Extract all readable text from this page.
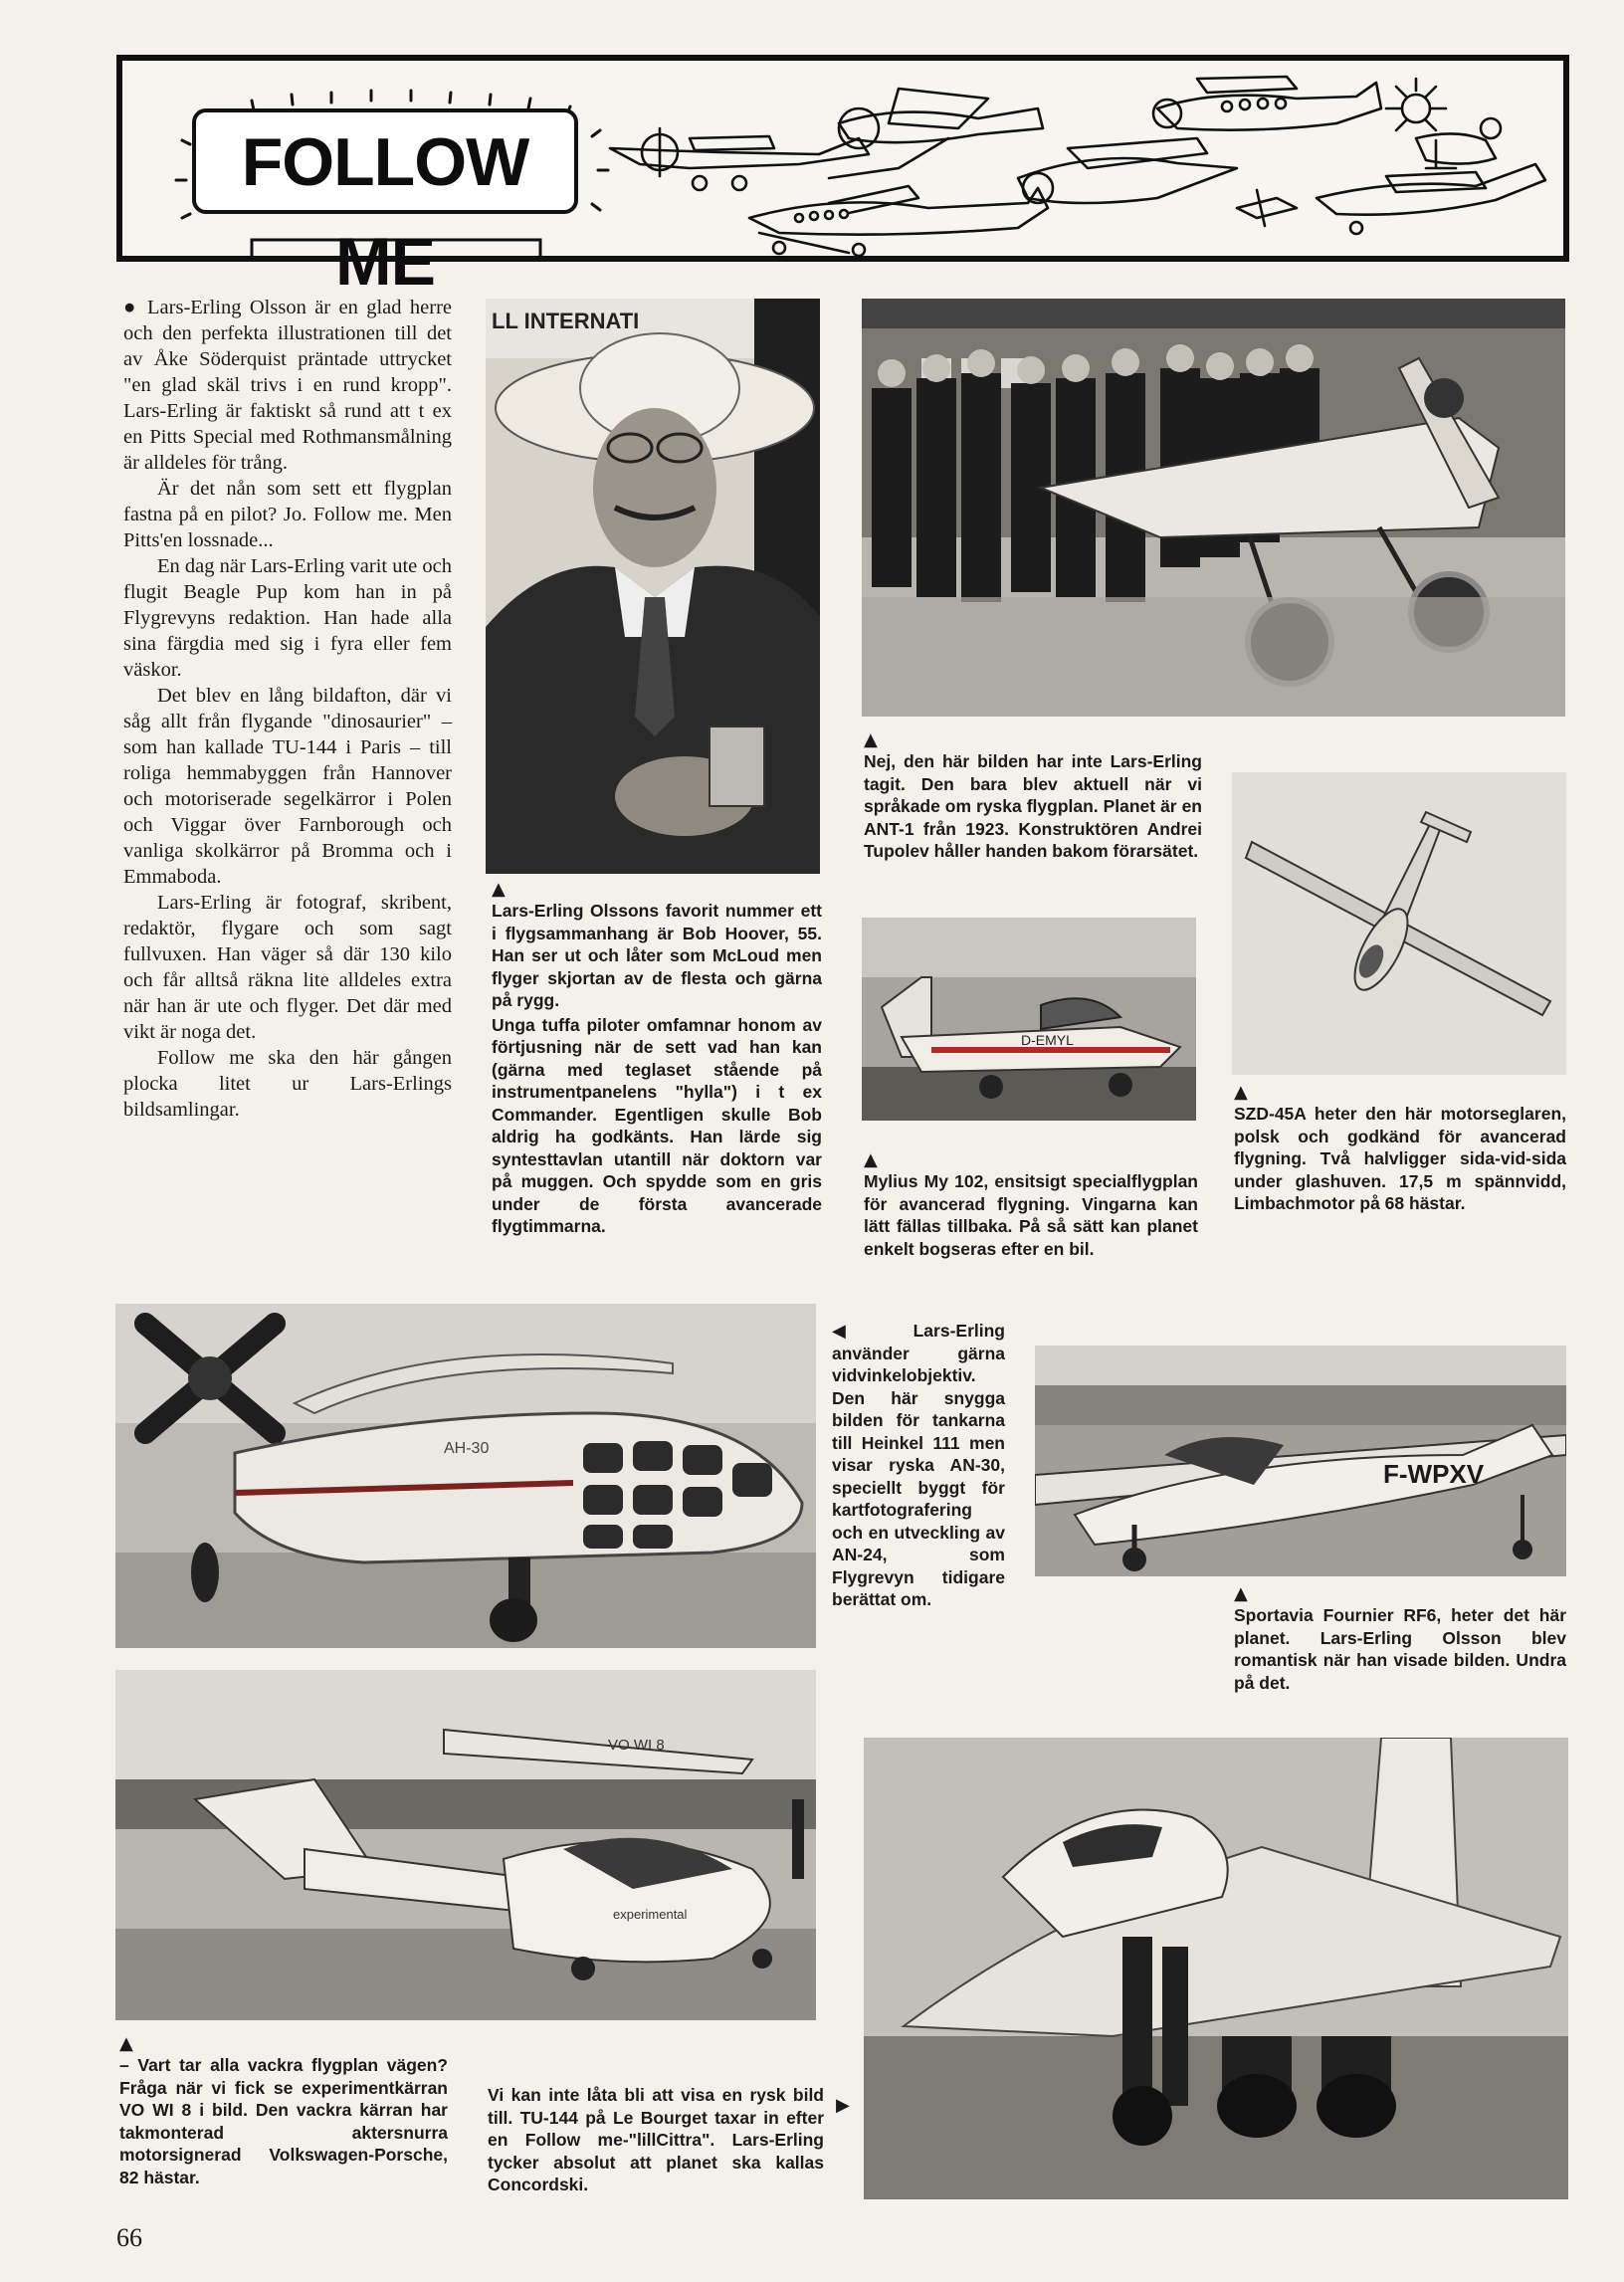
FOLLOW ME

● Lars-Erling Olsson är en glad herre och den perfekta illustrationen till det av Åke Söderquist präntade uttrycket "en glad skäl trivs i en rund kropp". Lars-Erling är faktiskt så rund att t ex en Pitts Special med Rothmansmålning är alldeles för trång.

Är det nån som sett ett flygplan fastna på en pilot? Jo. Follow me. Men Pitts'en lossnade...

En dag när Lars-Erling varit ute och flugit Beagle Pup kom han in på Flygrevyns redaktion. Han hade alla sina färgdia med sig i fyra eller fem väskor.

Det blev en lång bildafton, där vi såg allt från flygande "dinosaurier" – som han kallade TU-144 i Paris – till roliga hemmabyggen från Hannover och motoriserade segelkärror i Polen och Viggar över Farnborough och vanliga skolkärror på Bromma och i Emmaboda.

Lars-Erling är fotograf, skribent, redaktör, flygare och som sagt fullvuxen. Han väger så där 130 kilo och får alltså räkna lite alldeles extra när han är ute och flyger. Det där med vikt är noga det.

Follow me ska den här gången plocka litet ur Lars-Erlings bildsamlingar.

LL INTERNATI
▲

Lars-Erling Olssons favorit nummer ett i flygsammanhang är Bob Hoover, 55. Han ser ut och låter som McLoud men flyger skjortan av de flesta och gärna på rygg.

Unga tuffa piloter omfamnar honom av förtjusning när de sett vad han kan (gärna med teglaset stående på instrumentpanelens "hylla") i t ex Commander. Egentligen skulle Bob aldrig ha godkänts. Han lärde sig syntesttavlan utantill när doktorn var på muggen. Och spydde som en gris under de första avancerade flygtimmarna.

▲

Nej, den här bilden har inte Lars-Erling tagit. Den bara blev aktuell när vi språkade om ryska flygplan. Planet är en ANT-1 från 1923. Konstruktören Andrei Tupolev håller handen bakom förarsätet.

D-EMYL
▲

Mylius My 102, ensitsigt specialflygplan för avancerad flygning. Vingarna kan lätt fällas tillbaka. På så sätt kan planet enkelt bogseras efter en bil.

▲

SZD-45A heter den här motorseglaren, polsk och godkänd för avancerad flygning. Två halvligger sida-vid-sida under glashuven. 17,5 m spännvidd, Limbachmotor på 68 hästar.

АН-30
◀ Lars-Erling använder gärna vidvinkelobjektiv. Den här snygga bilden för tankarna till Heinkel 111 men visar ryska AN-30, speciellt byggt för kartfotografering och en utveckling av AN-24, som Flygrevyn tidigare berättat om.
F-WPXV
▲

Sportavia Fournier RF6, heter det här planet. Lars-Erling Olsson blev romantisk när han visade bilden. Undra på det.

VO WI 8
experimental
▲

– Vart tar alla vackra flygplan vägen? Fråga när vi fick se experimentkärran VO WI 8 i bild. Den vackra kärran har takmonterad aktersnurra motorsignerad Volkswagen-Porsche, 82 hästar.

Vi kan inte låta bli att visa en rysk bild till. TU-144 på Le Bourget taxar in efter en Follow me-"lillCittra". Lars-Erling tycker absolut att planet ska kallas Concordski.

▶
66
